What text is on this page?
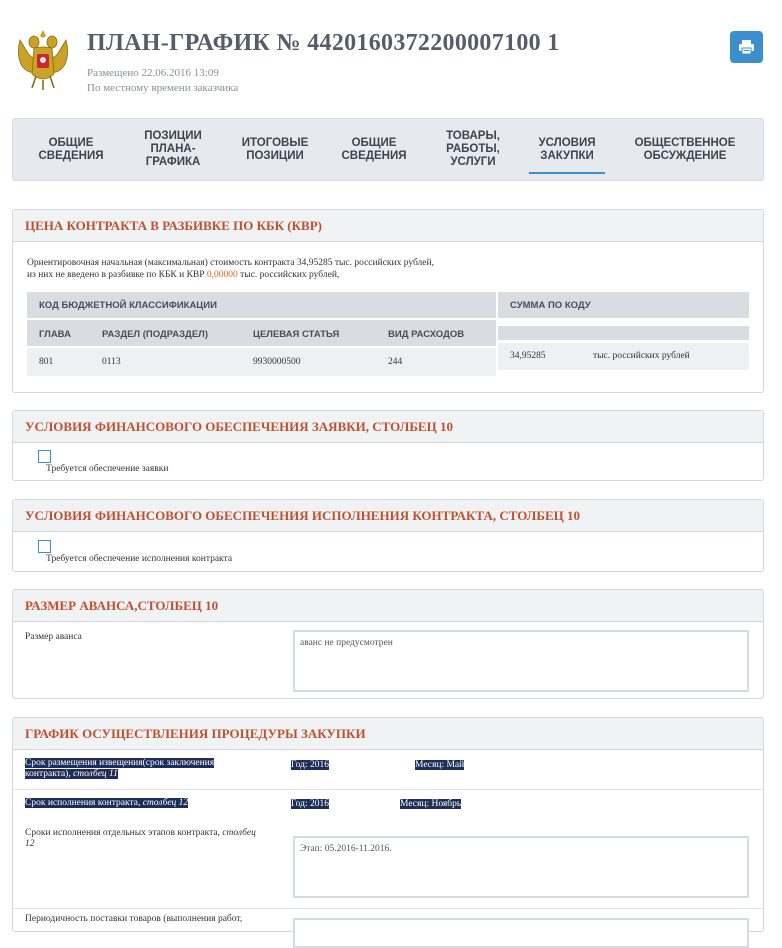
ПЛАН-ГРАФИК № 4420160372200007100 1
Размещено 22.06.2016 13:09
По местному времени заказчика
ОБЩИЕ СВЕДЕНИЯ
ПОЗИЦИИ ПЛАНА-ГРАФИКА
ИТОГОВЫЕ ПОЗИЦИИ
ОБЩИЕ СВЕДЕНИЯ
ТОВАРЫ, РАБОТЫ, УСЛУГИ
УСЛОВИЯ ЗАКУПКИ
ОБЩЕСТВЕННОЕ ОБСУЖДЕНИЕ
ЦЕНА КОНТРАКТА В РАЗБИВКЕ ПО КБК (КВР)
Ориентировочная начальная (максимальная) стоимость контракта 34,95285 тыс. российских рублей,
из них не введено в разбивке по КБК и КВР 0,00000 тыс. российских рублей,
КОД БЮДЖЕТНОЙ КЛАССИФИКАЦИИ
ГЛАВА	РАЗДЕЛ (ПОДРАЗДЕЛ)	ЦЕЛЕВАЯ СТАТЬЯ	ВИД РАСХОДОВ
801	0113	9930000500	244
СУММА ПО КОДУ
34,95285	тыс. российских рублей
УСЛОВИЯ ФИНАНСОВОГО ОБЕСПЕЧЕНИЯ ЗАЯВКИ, СТОЛБЕЦ 10
Требуется обеспечение заявки
УСЛОВИЯ ФИНАНСОВОГО ОБЕСПЕЧЕНИЯ ИСПОЛНЕНИЯ КОНТРАКТА, СТОЛБЕЦ 10
Требуется обеспечение исполнения контракта
РАЗМЕР АВАНСА,СТОЛБЕЦ 10
Размер аванса
аванс не предусмотрен
ГРАФИК ОСУЩЕСТВЛЕНИЯ ПРОЦЕДУРЫ ЗАКУПКИ
Срок размещения извещения(срок заключения
контракта), столбец 11
Год: 2016	Месяц: Май
Срок исполнения контракта, столбец 12	Год: 2016	Месяц: Ноябрь
Сроки исполнения отдельных этапов контракта, столбец
12	Этап: 05.2016-11.2016.
Периодичность поставки товаров (выполнения работ,
